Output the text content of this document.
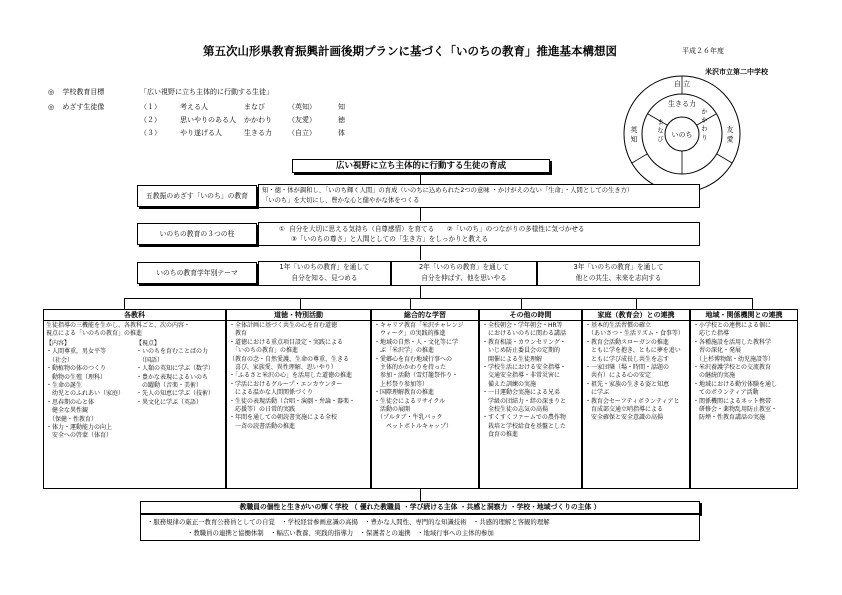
第五次山形県教育振興計画後期プランに基づく「いのちの教育」推進基本構想図	平成２６年度
米沢市立第二中学校
◎ 学校教育目標	「広い視野に立ち主体的に行動する生徒」
◎ めざす生徒像	（１）	考える人	まなび	（英知）	知
（２）	思いやりのある人 かかわり （友愛）	徳
（３）	やり遂げる人	生きる力 （自立）	体	いのち
生きる力
自 立
英 知	友 愛
ま な び	か か わ り
広い視野に立ち主体的に行動する生徒の育成
五教振のめざす「いのち」の教育
知・徳・体が調和し、「いのち輝く人間」の育成（いのちに込められた2つの意味 ・かけがえのない「生命」・人間としての生き方）
「いのち」を大切にし、豊かな心と健やかな体をつくる
いのちの教育の３つの柱
①  自分を大切に思える気持ち（自尊感情）を育てる      ②「いのち」のつながりの多様性に気づかせる
③「いのちの尊さ」と人間としての「生き方」をしっかりと教える
いのちの教育学年別テーマ
1年「いのちの教育」を通して
自分を知る、見つめる
2年「いのちの教育」を通して
自分を伸ばす、他を思いやる
3年「いのちの教育」を通して
他との共生、未来を志向する
各教科
生徒指導の三機能を生かし、各教科ごと、次の内容・
視点による「いのちの教育」の推進
【内容】
・人間尊重，男女平等
　（社会）
・動植物の体のつくり
　動物の生殖（理科）
・生命の誕生
　幼児とのふれあい（家庭）
・思春期の心と体
　健全な異性観
　（保健・性教育）
・体力・運動能力の向上
　安全への啓蒙（体育）
【視点】
・いのちを育むことばの力
　（国語）
・人類の英知に学ぶ（数学）
・豊かな表現によるいのち
　の躍動（音楽・美術）
・先人の知恵に学ぶ（技術）
・異文化に学ぶ（英語）
道徳・特別活動
・全体計画に基づく共生の心を育む道徳
　教育
・道徳における重点項目設定・実践による
　「いのちの教育」の推進
（教育の念・自然愛護、生命の尊重、生きる
　喜び、家族愛、異性理解、思いやり）
・「ふるさと米沢の心」を活用した道徳の推進
・学活におけるグループ・エンカウンター
　による温かな人間関係づくり
・生徒の表現活動（合唱・演劇・弁論・器楽・
　応援等）の日常的実践
・年間を通しての朝読書実施による全校
　一斉の読書活動の推進
総合的な学習
・キャリア教育「米沢チャレンジ
　ウィーク」の実践的推進
・地域の自然・人・文化等に学
　ぶ「米沢学」の推進
・愛郷心を育む地域行事への
　主体的かかわりを持った
　参加・活動（雪灯籠祭作り・
　上杉祭り参加等）
・国際理解教育の推進
・生徒会によるリサイクル
　活動の展開
　（プルタブ・牛乳パック
　　ペットボトルキャップ）
その他の時間
・全校朝会・学年朝会・HR等
　におけるいのちに関わる講話
・教育相談・カウンセリング・
　いじめ防止委員会の定期的
　開催による生徒理解
・学校生活における安全指導・
　交通安全指導・非常災害に
　備えた訓練の実施
・一日運動会実施による兄弟
　学級の団結力・絆の深まりと
　全校生徒の志気の高揚
・すくすくファームでの農作物
　栽培と学校給食を基盤とした
　食育の推進
家庭（教育会）との連携
・基本的生活習慣の確立
　（あいさつ・生活リズム・食事等）
・教育会活動スローガンの推進
　ともに学を抱き、ともに夢を追い
　ともに学び成長し共生を志す
・一家団欒（場・時間・話題の
　共有）による心の安定
・祖先・家族の生きる姿と知恵
　に学ぶ
・教育会セーフティボランティアと
　育成部交通立哨指導による
　安全確保と安全意識の高揚
地域・関係機関との連携
・小学校との連携による個に
　応じた指導
・各種施設を活用した教科学
　習の深化・発展
　（上杉博物館・幼児施設等）
・米沢養護学校との交流教育
　の継続的実施
・地域における勤労体験を通し
　てのボランティア活動
・関係機関によるネット携帯
　研修会・薬物乱用防止教室・
　防煙・性教育講話の実施
教職員の個性と生きがいの輝く学校 （ 優れた教職員 ・学び続ける主体 ・共感と洞察力 ・学校・地域づくりの主体 ）
・服務規律の厳正一教育公務員としての自覚　・学校経営参画意識の高揚　・豊かな人間性、専門的な知識技術　・共感的理解と客観的理解
・教職員の連携と協働体制　・幅広い教養、実践的指導力　・保護者との連携　・地域行事への主体的参加
